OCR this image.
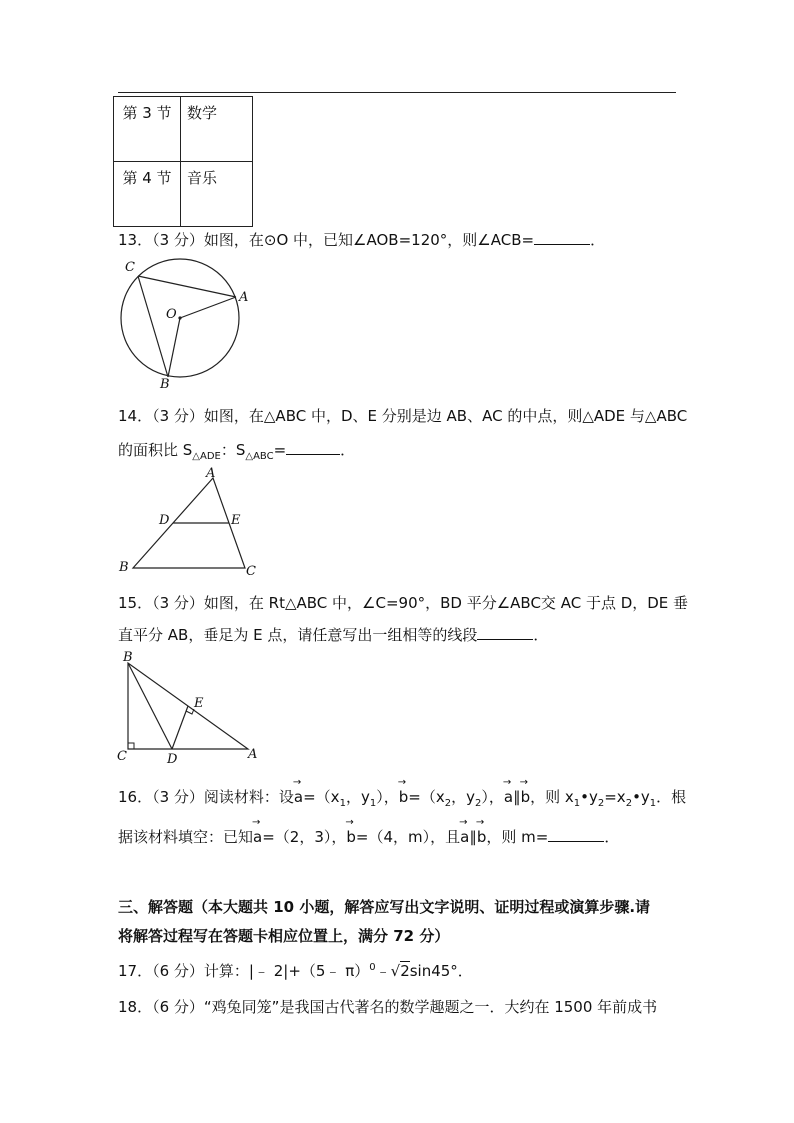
第 3 节	数学
第 4 节	音乐
13．（3 分）如图，在⊙O 中，已知∠AOB=120°，则∠ACB=	．
C
A
O
B
14．（3 分）如图，在△ABC 中，D、E 分别是边 AB、AC 的中点，则△ADE 与△ABC
的面积比 $S_{\triangle ADE}$：$S_{\triangle ABC}=$	．
A
D	E
B	C
15．（3 分）如图，在 Rt△ABC 中，∠C=90°，BD 平分∠ABC交 AC 于点 D，DE 垂
直平分 AB，垂足为 E 点，请任意写出一组相等的线段	．
B
E
C	D	A
16．（3 分）阅读材料：设→ $a=(x_1$，$y_1$），→ $b=(x_2$，$y_2$），→ a∥→ b，则 $x_1•y_2=x_2•y_1$．根
据该材料填空：已知→ a=（2，3），→ b=（4，m），且→ a∥→ b，则 m=	．
三、解答题（本大题共 10 小题，解答应写出文字说明、证明过程或演算步骤.请
将解答过程写在答题卡相应位置上，满分 72 分）
17．（6 分）计算：|﹣ 2|+（5﹣ π）$^0$﹣√2sin45°．
18．（6 分）“鸡兔同笼”是我国古代著名的数学趣题之一．大约在 1500 年前成书
